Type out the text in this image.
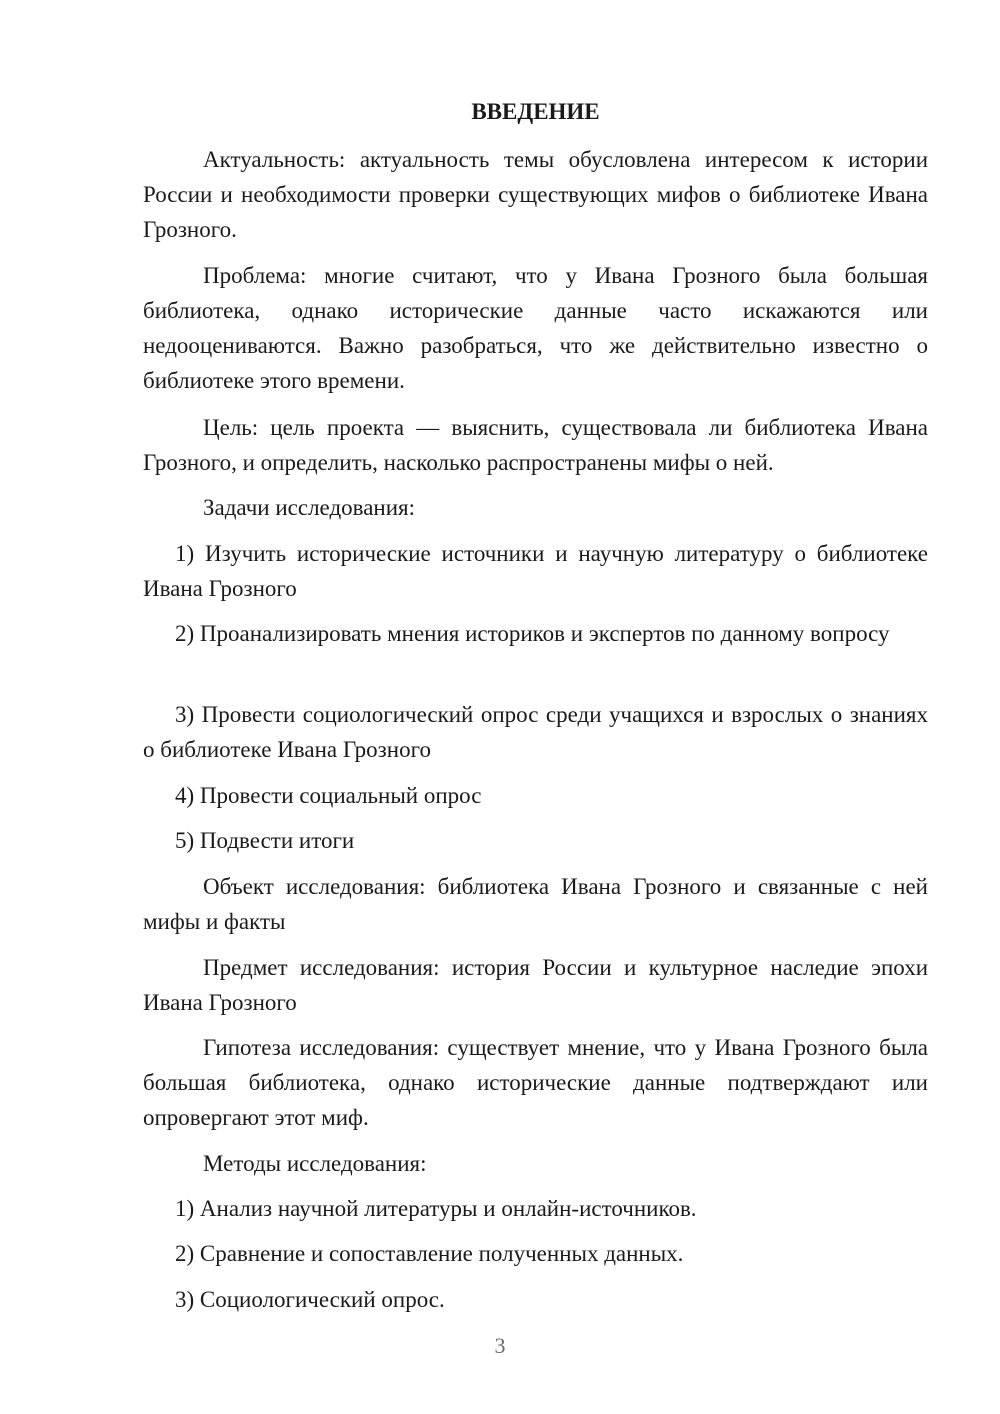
ВВЕДЕНИЕ

Актуальность: актуальность темы обусловлена интересом к истории России и необходимости проверки существующих мифов о библиотеке Ивана Грозного.

Проблема: многие считают, что у Ивана Грозного была большая библиотека, однако исторические данные часто искажаются или недооцениваются. Важно разобраться, что же действительно известно о библиотеке этого времени.

Цель: цель проекта — выяснить, существовала ли библиотека Ивана Грозного, и определить, насколько распространены мифы о ней.

Задачи исследования:

1) Изучить исторические источники и научную литературу о библиотеке Ивана Грозного

2) Проанализировать мнения историков и экспертов по данному вопросу

3) Провести социологический опрос среди учащихся и взрослых о знаниях о библиотеке Ивана Грозного

4) Провести социальный опрос

5) Подвести итоги

Объект исследования: библиотека Ивана Грозного и связанные с ней мифы и факты

Предмет исследования: история России и культурное наследие эпохи Ивана Грозного

Гипотеза исследования: существует мнение, что у Ивана Грозного была большая библиотека, однако исторические данные подтверждают или опровергают этот миф.

Методы исследования:

1) Анализ научной литературы и онлайн-источников.

2) Сравнение и сопоставление полученных данных.

3) Социологический опрос.

3
